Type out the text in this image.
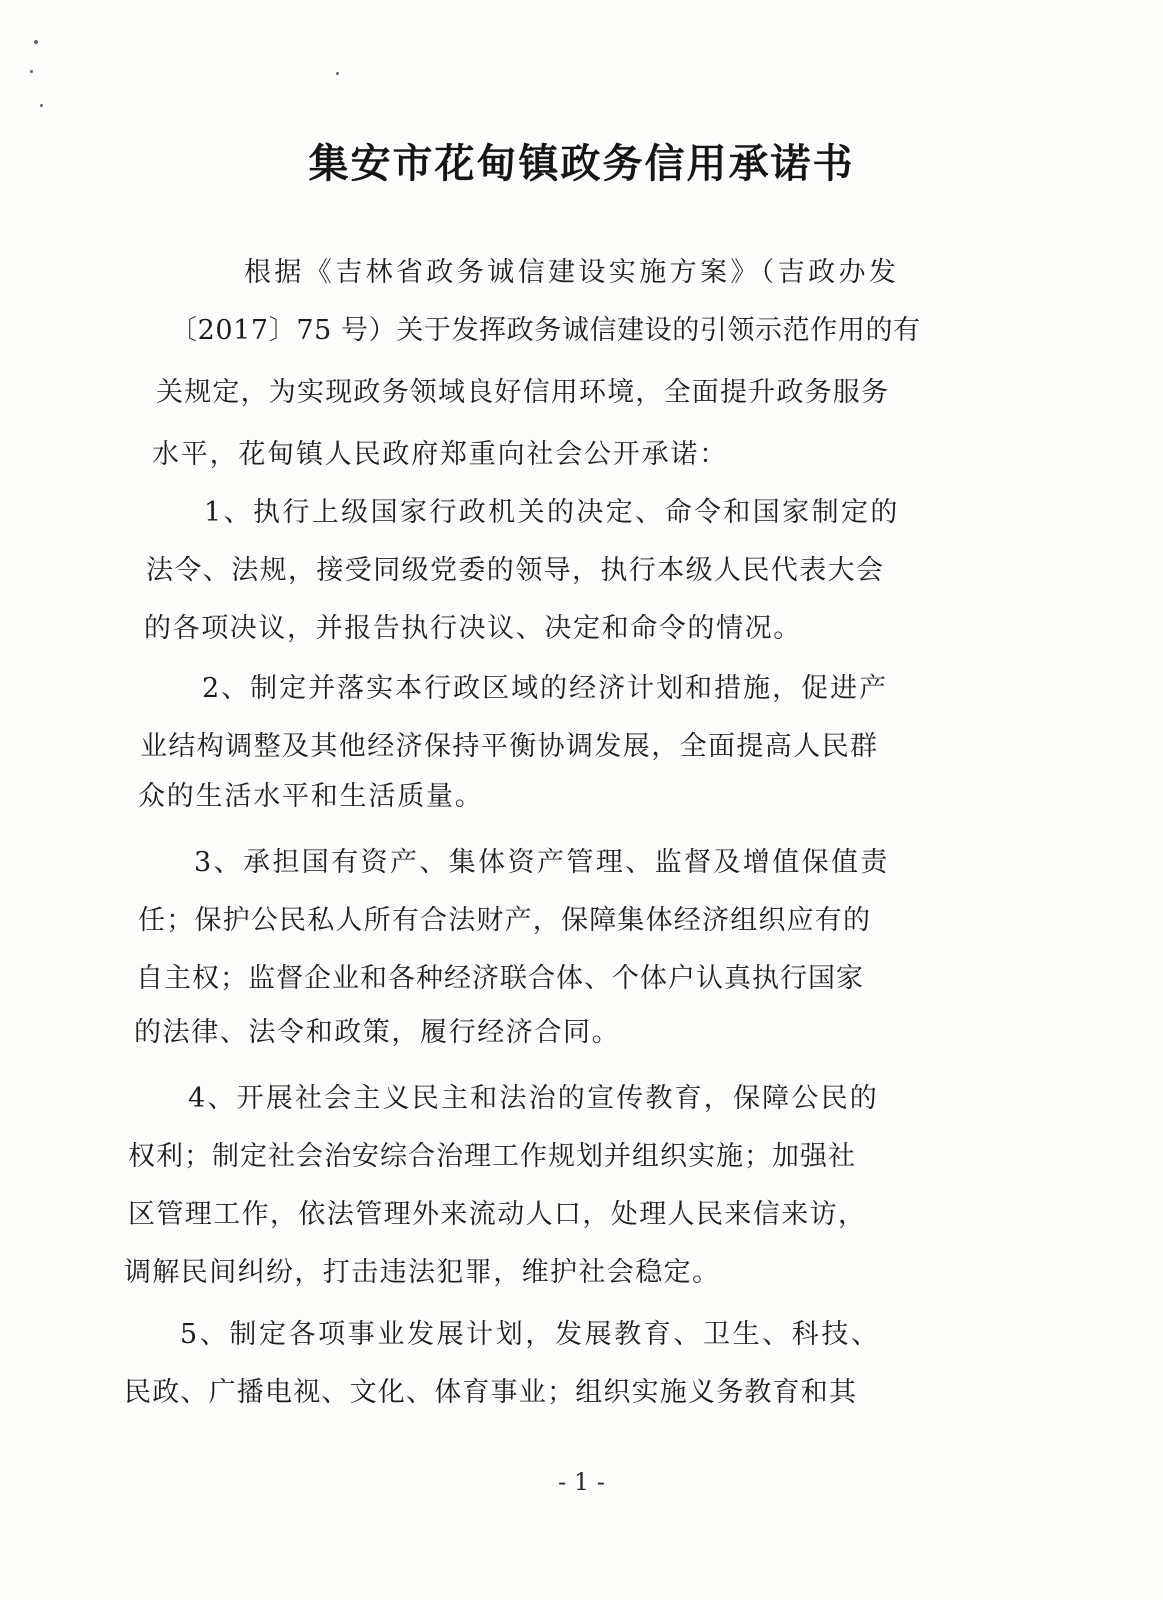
集安市花甸镇政务信用承诺书

根据《吉林省政务诚信建设实施方案》（吉政办发

〔2017〕75 号）关于发挥政务诚信建设的引领示范作用的有

关规定，为实现政务领域良好信用环境，全面提升政务服务

水平，花甸镇人民政府郑重向社会公开承诺：

1、执行上级国家行政机关的决定、命令和国家制定的

法令、法规，接受同级党委的领导，执行本级人民代表大会

的各项决议，并报告执行决议、决定和命令的情况。

2、制定并落实本行政区域的经济计划和措施，促进产

业结构调整及其他经济保持平衡协调发展，全面提高人民群

众的生活水平和生活质量。

3、承担国有资产、集体资产管理、监督及增值保值责

任；保护公民私人所有合法财产，保障集体经济组织应有的

自主权；监督企业和各种经济联合体、个体户认真执行国家

的法律、法令和政策，履行经济合同。

4、开展社会主义民主和法治的宣传教育，保障公民的

权利；制定社会治安综合治理工作规划并组织实施；加强社

区管理工作，依法管理外来流动人口，处理人民来信来访，

调解民间纠纷，打击违法犯罪，维护社会稳定。

5、制定各项事业发展计划，发展教育、卫生、科技、

民政、广播电视、文化、体育事业；组织实施义务教育和其

- 1 -
